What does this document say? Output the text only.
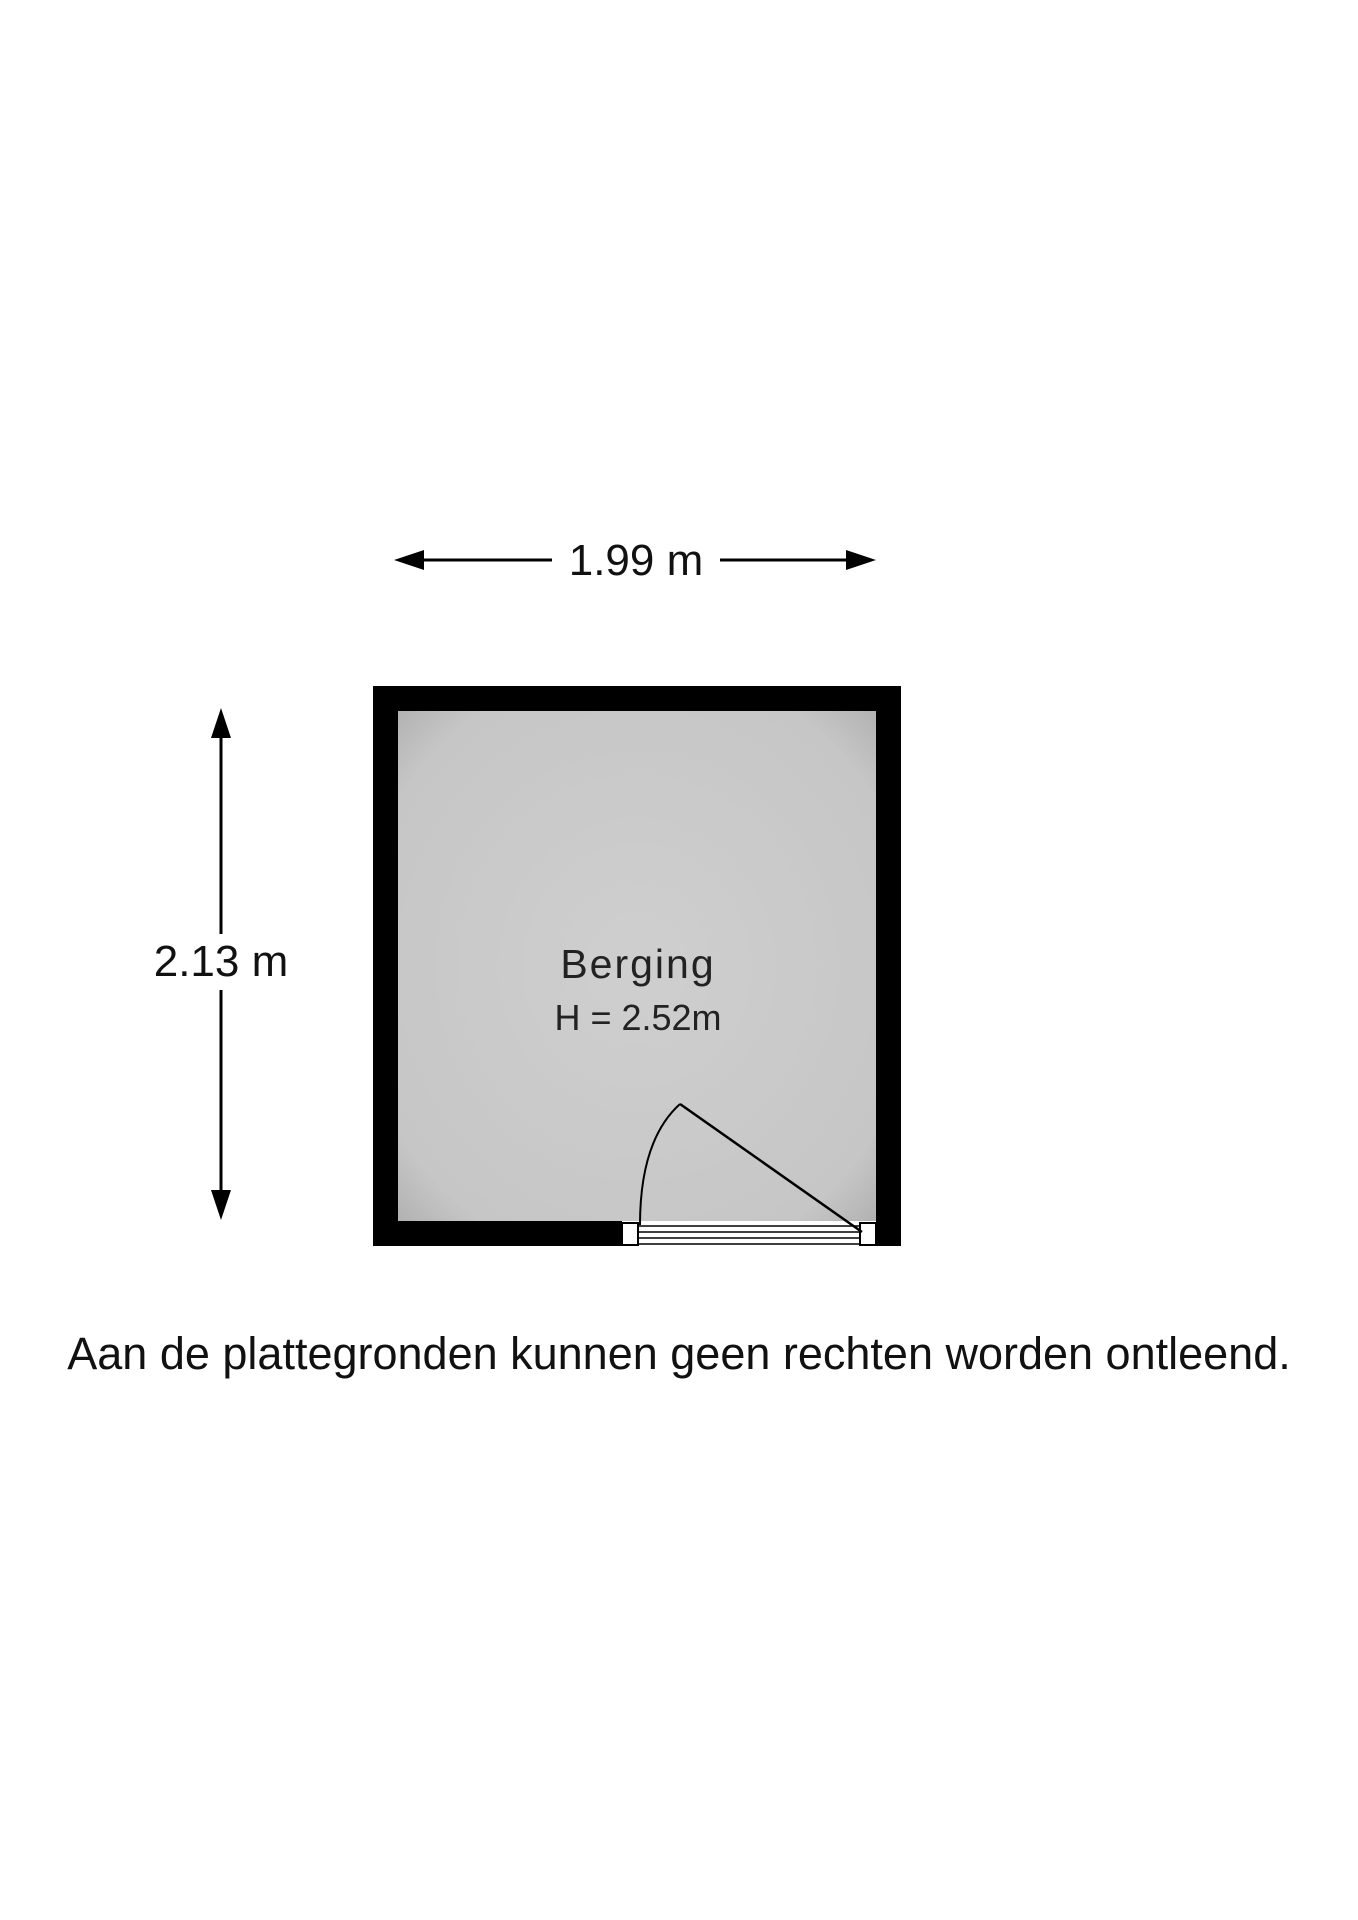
1.99 m
2.13 m	Berging
H = 2.52m
Aan de plattegronden kunnen geen rechten worden ontleend.
